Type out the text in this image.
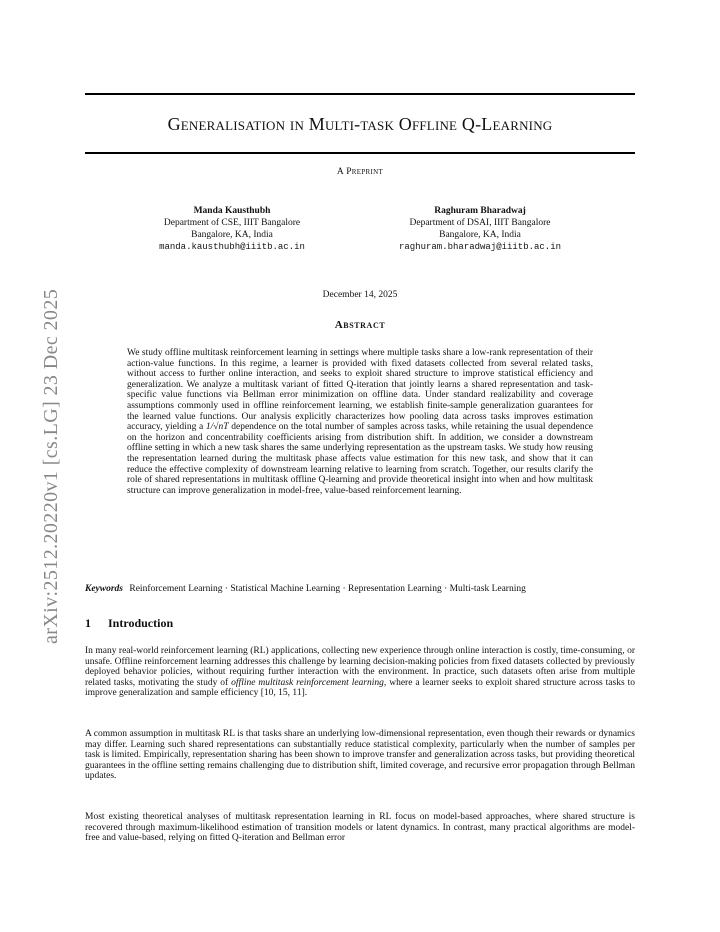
Generalisation in Multi-task Offline Q-Learning
A Preprint
Manda Kausthubh
Department of CSE, IIIT Bangalore
Bangalore, KA, India
manda.kausthubh@iiitb.ac.in
Raghuram Bharadwaj
Department of DSAI, IIIT Bangalore
Bangalore, KA, India
raghuram.bharadwaj@iiitb.ac.in
December 14, 2025
Abstract
We study offline multitask reinforcement learning in settings where multiple tasks share a low-rank representation of their action-value functions. In this regime, a learner is provided with fixed datasets collected from several related tasks, without access to further online interaction, and seeks to exploit shared structure to improve statistical efficiency and generalization. We analyze a multitask variant of fitted Q-iteration that jointly learns a shared representation and task-specific value functions via Bellman error minimization on offline data. Under standard realizability and coverage assumptions commonly used in offline reinforcement learning, we establish finite-sample generalization guarantees for the learned value functions. Our analysis explicitly characterizes how pooling data across tasks improves estimation accuracy, yielding a 1/√nT dependence on the total number of samples across tasks, while retaining the usual dependence on the horizon and concentrability coefficients arising from distribution shift. In addition, we consider a downstream offline setting in which a new task shares the same underlying representation as the upstream tasks. We study how reusing the representation learned during the multitask phase affects value estimation for this new task, and show that it can reduce the effective complexity of downstream learning relative to learning from scratch. Together, our results clarify the role of shared representations in multitask offline Q-learning and provide theoretical insight into when and how multitask structure can improve generalization in model-free, value-based reinforcement learning.
Keywords Reinforcement Learning · Statistical Machine Learning · Representation Learning · Multi-task Learning
1 Introduction
In many real-world reinforcement learning (RL) applications, collecting new experience through online interaction is costly, time-consuming, or unsafe. Offline reinforcement learning addresses this challenge by learning decision-making policies from fixed datasets collected by previously deployed behavior policies, without requiring further interaction with the environment. In practice, such datasets often arise from multiple related tasks, motivating the study of offline multitask reinforcement learning, where a learner seeks to exploit shared structure across tasks to improve generalization and sample efficiency [10, 15, 11].
A common assumption in multitask RL is that tasks share an underlying low-dimensional representation, even though their rewards or dynamics may differ. Learning such shared representations can substantially reduce statistical complexity, particularly when the number of samples per task is limited. Empirically, representation sharing has been shown to improve transfer and generalization across tasks, but providing theoretical guarantees in the offline setting remains challenging due to distribution shift, limited coverage, and recursive error propagation through Bellman updates.
Most existing theoretical analyses of multitask representation learning in RL focus on model-based approaches, where shared structure is recovered through maximum-likelihood estimation of transition models or latent dynamics. In contrast, many practical algorithms are model-free and value-based, relying on fitted Q-iteration and Bellman error
arXiv:2512.20220v1 [cs.LG] 23 Dec 2025
